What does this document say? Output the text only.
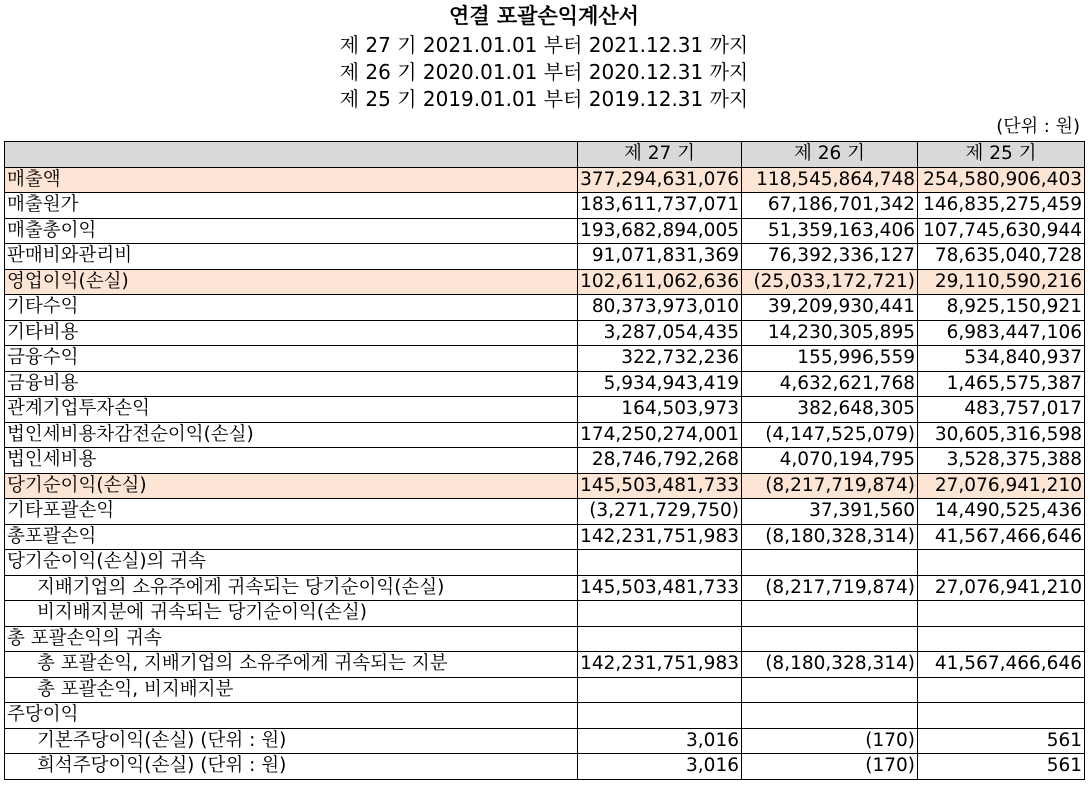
연결 포괄손익계산서
제 27 기 2021.01.01 부터 2021.12.31 까지
제 26 기 2020.01.01 부터 2020.12.31 까지
제 25 기 2019.01.01 부터 2019.12.31 까지
(단위 : 원)
	제 27 기	제 26 기	제 25 기
매출액	377,294,631,076	118,545,864,748	254,580,906,403
매출원가	183,611,737,071	67,186,701,342	146,835,275,459
매출총이익	193,682,894,005	51,359,163,406	107,745,630,944
판매비와관리비	91,071,831,369	76,392,336,127	78,635,040,728
영업이익(손실)	102,611,062,636	(25,033,172,721)	29,110,590,216
기타수익	80,373,973,010	39,209,930,441	8,925,150,921
기타비용	3,287,054,435	14,230,305,895	6,983,447,106
금융수익	322,732,236	155,996,559	534,840,937
금융비용	5,934,943,419	4,632,621,768	1,465,575,387
관계기업투자손익	164,503,973	382,648,305	483,757,017
법인세비용차감전순이익(손실)	174,250,274,001	(4,147,525,079)	30,605,316,598
법인세비용	28,746,792,268	4,070,194,795	3,528,375,388
당기순이익(손실)	145,503,481,733	(8,217,719,874)	27,076,941,210
기타포괄손익	(3,271,729,750)	37,391,560	14,490,525,436
총포괄손익	142,231,751,983	(8,180,328,314)	41,567,466,646
당기순이익(손실)의 귀속			
지배기업의 소유주에게 귀속되는 당기순이익(손실)	145,503,481,733	(8,217,719,874)	27,076,941,210
비지배지분에 귀속되는 당기순이익(손실)			
총 포괄손익의 귀속			
총 포괄손익, 지배기업의 소유주에게 귀속되는 지분	142,231,751,983	(8,180,328,314)	41,567,466,646
총 포괄손익, 비지배지분			
주당이익			
기본주당이익(손실) (단위 : 원)	3,016	(170)	561
희석주당이익(손실) (단위 : 원)	3,016	(170)	561
